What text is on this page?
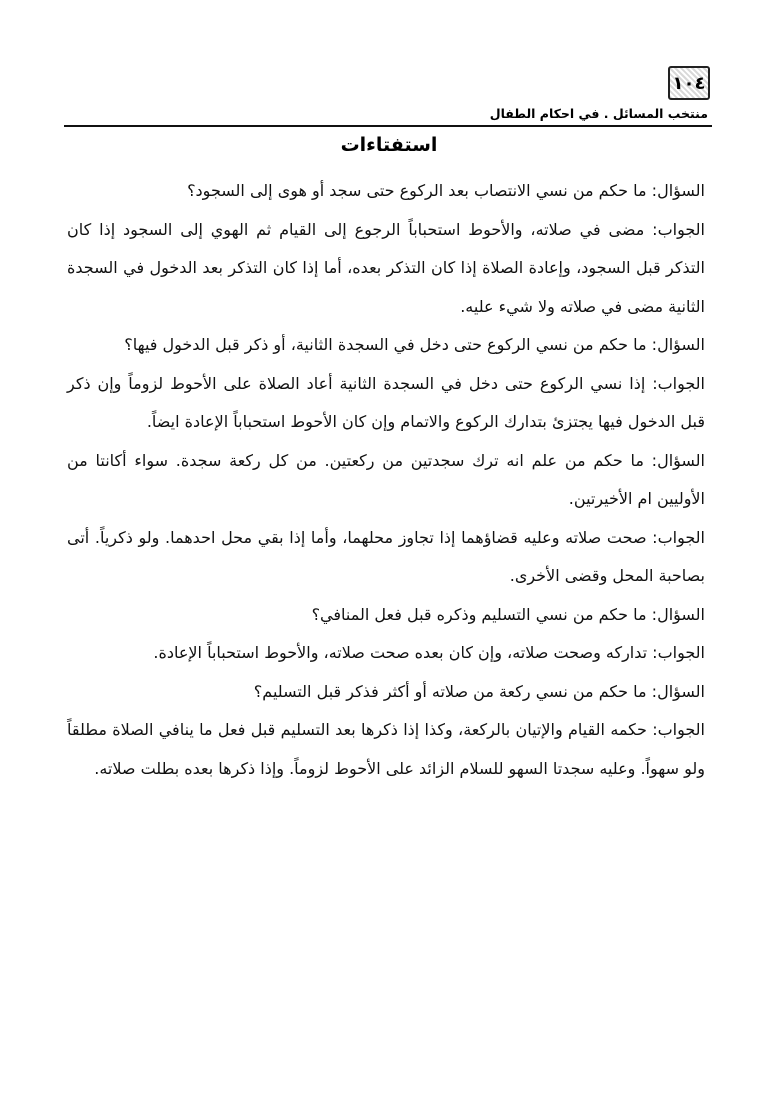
١٠٤
منتخب المسائل . في احكام الطفال
استفتاءات

السؤال: ما حكم من نسي الانتصاب بعد الركوع حتى سجد أو هوى إلى السجود؟

الجواب: مضى في صلاته، والأحوط استحباباً الرجوع إلى القيام ثم الهوي إلى السجود إذا كان التذكر قبل السجود، وإعادة الصلاة إذا كان التذكر بعده، أما إذا كان التذكر بعد الدخول في السجدة الثانية مضى في صلاته ولا شيء عليه.

السؤال: ما حكم من نسي الركوع حتى دخل في السجدة الثانية، أو ذكر قبل الدخول فيها؟

الجواب: إذا نسي الركوع حتى دخل في السجدة الثانية أعاد الصلاة على الأحوط لزوماً وإن ذكر قبل الدخول فيها يجتزئ بتدارك الركوع والاتمام وإن كان الأحوط استحباباً الإعادة ايضاً.

السؤال: ما حكم من علم انه ترك سجدتين من ركعتين. من كل ركعة سجدة. سواء أكانتا من الأوليين ام الأخيرتين.

الجواب: صحت صلاته وعليه قضاؤهما إذا تجاوز محلهما، وأما إذا بقي محل احدهما. ولو ذكرياً. أتى بصاحبة المحل وقضى الأخرى.

السؤال: ما حكم من نسي التسليم وذكره قبل فعل المنافي؟

الجواب: تداركه وصحت صلاته، وإن كان بعده صحت صلاته، والأحوط استحباباً الإعادة.

السؤال: ما حكم من نسي ركعة من صلاته أو أكثر فذكر قبل التسليم؟

الجواب: حكمه القيام والإتيان بالركعة، وكذا إذا ذكرها بعد التسليم قبل فعل ما ينافي الصلاة مطلقاً ولو سهواً. وعليه سجدتا السهو للسلام الزائد على الأحوط لزوماً. وإذا ذكرها بعده بطلت صلاته.
